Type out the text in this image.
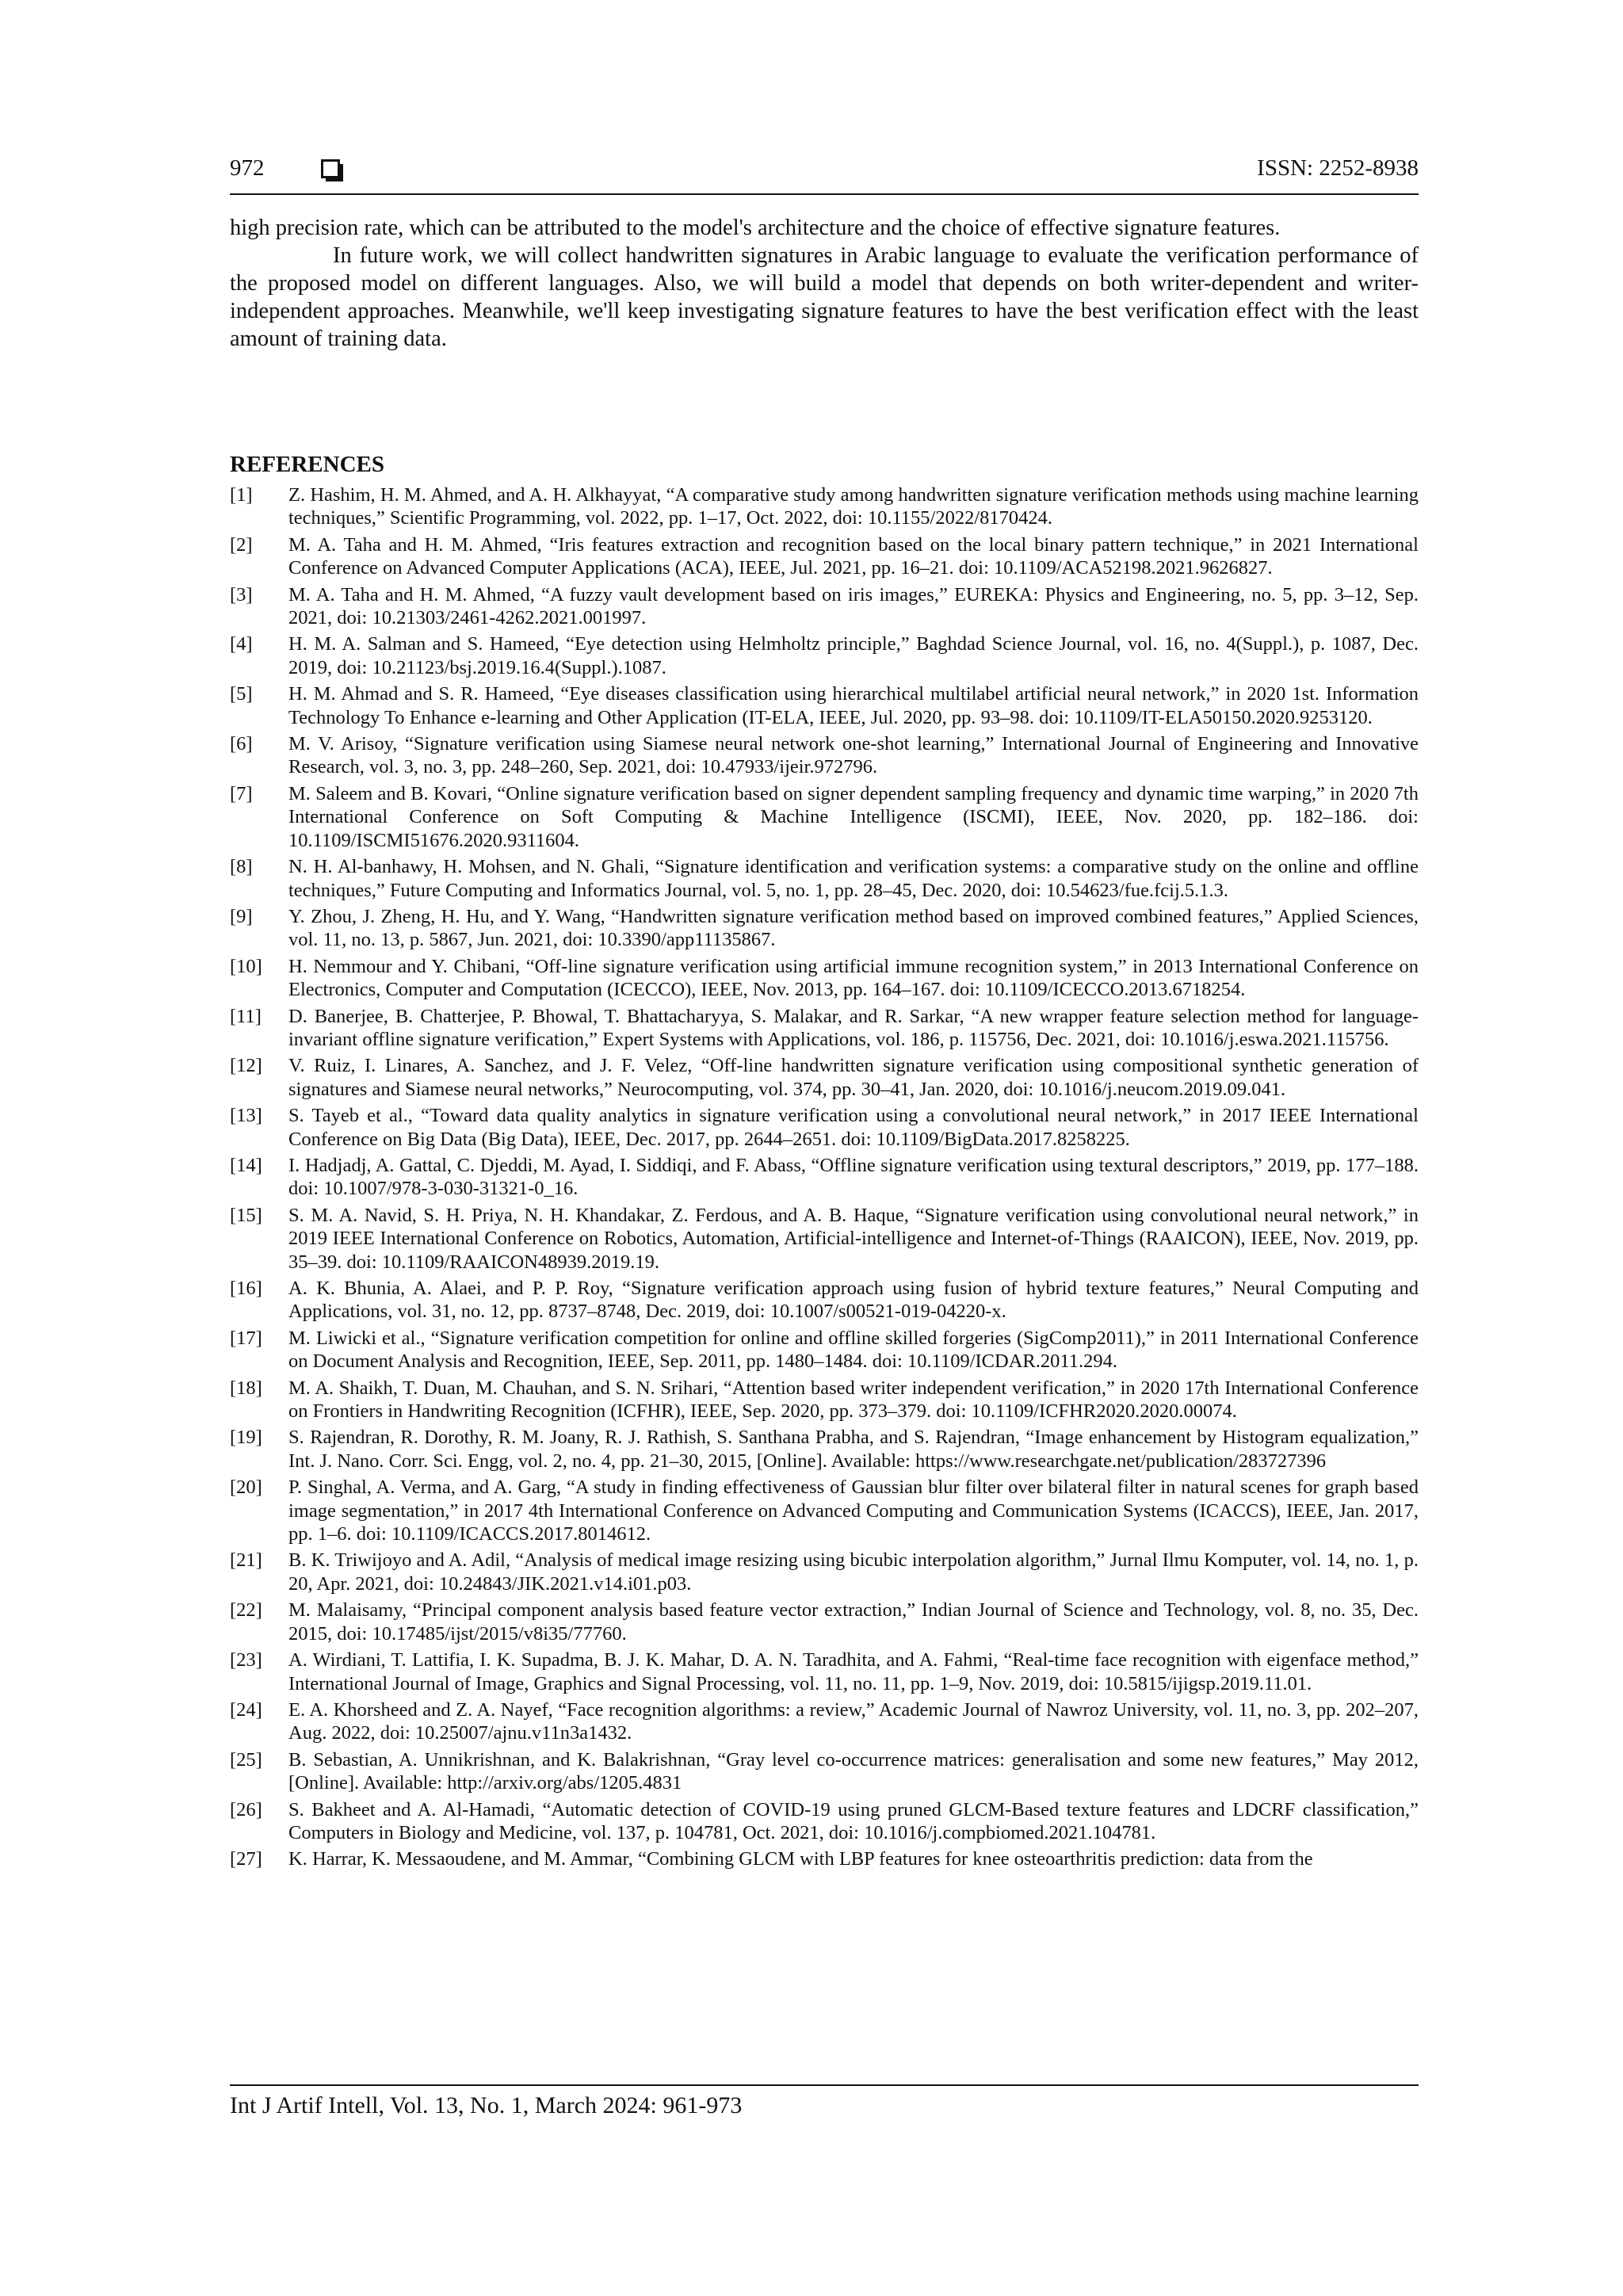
972	ISSN: 2252-8938

high precision rate, which can be attributed to the model's architecture and the choice of effective signature features.

In future work, we will collect handwritten signatures in Arabic language to evaluate the verification performance of the proposed model on different languages. Also, we will build a model that depends on both writer-dependent and writer-independent approaches. Meanwhile, we'll keep investigating signature features to have the best verification effect with the least amount of training data.

REFERENCES
[1] Z. Hashim, H. M. Ahmed, and A. H. Alkhayyat, “A comparative study among handwritten signature verification methods using machine learning techniques,” Scientific Programming, vol. 2022, pp. 1–17, Oct. 2022, doi: 10.1155/2022/8170424.
[2] M. A. Taha and H. M. Ahmed, “Iris features extraction and recognition based on the local binary pattern technique,” in 2021 International Conference on Advanced Computer Applications (ACA), IEEE, Jul. 2021, pp. 16–21. doi: 10.1109/ACA52198.2021.9626827.
[3] M. A. Taha and H. M. Ahmed, “A fuzzy vault development based on iris images,” EUREKA: Physics and Engineering, no. 5, pp. 3–12, Sep. 2021, doi: 10.21303/2461-4262.2021.001997.
[4] H. M. A. Salman and S. Hameed, “Eye detection using Helmholtz principle,” Baghdad Science Journal, vol. 16, no. 4(Suppl.), p. 1087, Dec. 2019, doi: 10.21123/bsj.2019.16.4(Suppl.).1087.
[5] H. M. Ahmad and S. R. Hameed, “Eye diseases classification using hierarchical multilabel artificial neural network,” in 2020 1st. Information Technology To Enhance e-learning and Other Application (IT-ELA, IEEE, Jul. 2020, pp. 93–98. doi: 10.1109/IT-ELA50150.2020.9253120.
[6] M. V. Arisoy, “Signature verification using Siamese neural network one-shot learning,” International Journal of Engineering and Innovative Research, vol. 3, no. 3, pp. 248–260, Sep. 2021, doi: 10.47933/ijeir.972796.
[7] M. Saleem and B. Kovari, “Online signature verification based on signer dependent sampling frequency and dynamic time warping,” in 2020 7th International Conference on Soft Computing & Machine Intelligence (ISCMI), IEEE, Nov. 2020, pp. 182–186. doi: 10.1109/ISCMI51676.2020.9311604.
[8] N. H. Al-banhawy, H. Mohsen, and N. Ghali, “Signature identification and verification systems: a comparative study on the online and offline techniques,” Future Computing and Informatics Journal, vol. 5, no. 1, pp. 28–45, Dec. 2020, doi: 10.54623/fue.fcij.5.1.3.
[9] Y. Zhou, J. Zheng, H. Hu, and Y. Wang, “Handwritten signature verification method based on improved combined features,” Applied Sciences, vol. 11, no. 13, p. 5867, Jun. 2021, doi: 10.3390/app11135867.
[10] H. Nemmour and Y. Chibani, “Off-line signature verification using artificial immune recognition system,” in 2013 International Conference on Electronics, Computer and Computation (ICECCO), IEEE, Nov. 2013, pp. 164–167. doi: 10.1109/ICECCO.2013.6718254.
[11] D. Banerjee, B. Chatterjee, P. Bhowal, T. Bhattacharyya, S. Malakar, and R. Sarkar, “A new wrapper feature selection method for language-invariant offline signature verification,” Expert Systems with Applications, vol. 186, p. 115756, Dec. 2021, doi: 10.1016/j.eswa.2021.115756.
[12] V. Ruiz, I. Linares, A. Sanchez, and J. F. Velez, “Off-line handwritten signature verification using compositional synthetic generation of signatures and Siamese neural networks,” Neurocomputing, vol. 374, pp. 30–41, Jan. 2020, doi: 10.1016/j.neucom.2019.09.041.
[13] S. Tayeb et al., “Toward data quality analytics in signature verification using a convolutional neural network,” in 2017 IEEE International Conference on Big Data (Big Data), IEEE, Dec. 2017, pp. 2644–2651. doi: 10.1109/BigData.2017.8258225.
[14] I. Hadjadj, A. Gattal, C. Djeddi, M. Ayad, I. Siddiqi, and F. Abass, “Offline signature verification using textural descriptors,” 2019, pp. 177–188. doi: 10.1007/978-3-030-31321-0_16.
[15] S. M. A. Navid, S. H. Priya, N. H. Khandakar, Z. Ferdous, and A. B. Haque, “Signature verification using convolutional neural network,” in 2019 IEEE International Conference on Robotics, Automation, Artificial-intelligence and Internet-of-Things (RAAICON), IEEE, Nov. 2019, pp. 35–39. doi: 10.1109/RAAICON48939.2019.19.
[16] A. K. Bhunia, A. Alaei, and P. P. Roy, “Signature verification approach using fusion of hybrid texture features,” Neural Computing and Applications, vol. 31, no. 12, pp. 8737–8748, Dec. 2019, doi: 10.1007/s00521-019-04220-x.
[17] M. Liwicki et al., “Signature verification competition for online and offline skilled forgeries (SigComp2011),” in 2011 International Conference on Document Analysis and Recognition, IEEE, Sep. 2011, pp. 1480–1484. doi: 10.1109/ICDAR.2011.294.
[18] M. A. Shaikh, T. Duan, M. Chauhan, and S. N. Srihari, “Attention based writer independent verification,” in 2020 17th International Conference on Frontiers in Handwriting Recognition (ICFHR), IEEE, Sep. 2020, pp. 373–379. doi: 10.1109/ICFHR2020.2020.00074.
[19] S. Rajendran, R. Dorothy, R. M. Joany, R. J. Rathish, S. Santhana Prabha, and S. Rajendran, “Image enhancement by Histogram equalization,” Int. J. Nano. Corr. Sci. Engg, vol. 2, no. 4, pp. 21–30, 2015, [Online]. Available: https://www.researchgate.net/publication/283727396
[20] P. Singhal, A. Verma, and A. Garg, “A study in finding effectiveness of Gaussian blur filter over bilateral filter in natural scenes for graph based image segmentation,” in 2017 4th International Conference on Advanced Computing and Communication Systems (ICACCS), IEEE, Jan. 2017, pp. 1–6. doi: 10.1109/ICACCS.2017.8014612.
[21] B. K. Triwijoyo and A. Adil, “Analysis of medical image resizing using bicubic interpolation algorithm,” Jurnal Ilmu Komputer, vol. 14, no. 1, p. 20, Apr. 2021, doi: 10.24843/JIK.2021.v14.i01.p03.
[22] M. Malaisamy, “Principal component analysis based feature vector extraction,” Indian Journal of Science and Technology, vol. 8, no. 35, Dec. 2015, doi: 10.17485/ijst/2015/v8i35/77760.
[23] A. Wirdiani, T. Lattifia, I. K. Supadma, B. J. K. Mahar, D. A. N. Taradhita, and A. Fahmi, “Real-time face recognition with eigenface method,” International Journal of Image, Graphics and Signal Processing, vol. 11, no. 11, pp. 1–9, Nov. 2019, doi: 10.5815/ijigsp.2019.11.01.
[24] E. A. Khorsheed and Z. A. Nayef, “Face recognition algorithms: a review,” Academic Journal of Nawroz University, vol. 11, no. 3, pp. 202–207, Aug. 2022, doi: 10.25007/ajnu.v11n3a1432.
[25] B. Sebastian, A. Unnikrishnan, and K. Balakrishnan, “Gray level co-occurrence matrices: generalisation and some new features,” May 2012, [Online]. Available: http://arxiv.org/abs/1205.4831
[26] S. Bakheet and A. Al-Hamadi, “Automatic detection of COVID-19 using pruned GLCM-Based texture features and LDCRF classification,” Computers in Biology and Medicine, vol. 137, p. 104781, Oct. 2021, doi: 10.1016/j.compbiomed.2021.104781.
[27] K. Harrar, K. Messaoudene, and M. Ammar, “Combining GLCM with LBP features for knee osteoarthritis prediction: data from the
Int J Artif Intell, Vol. 13, No. 1, March 2024: 961-973
